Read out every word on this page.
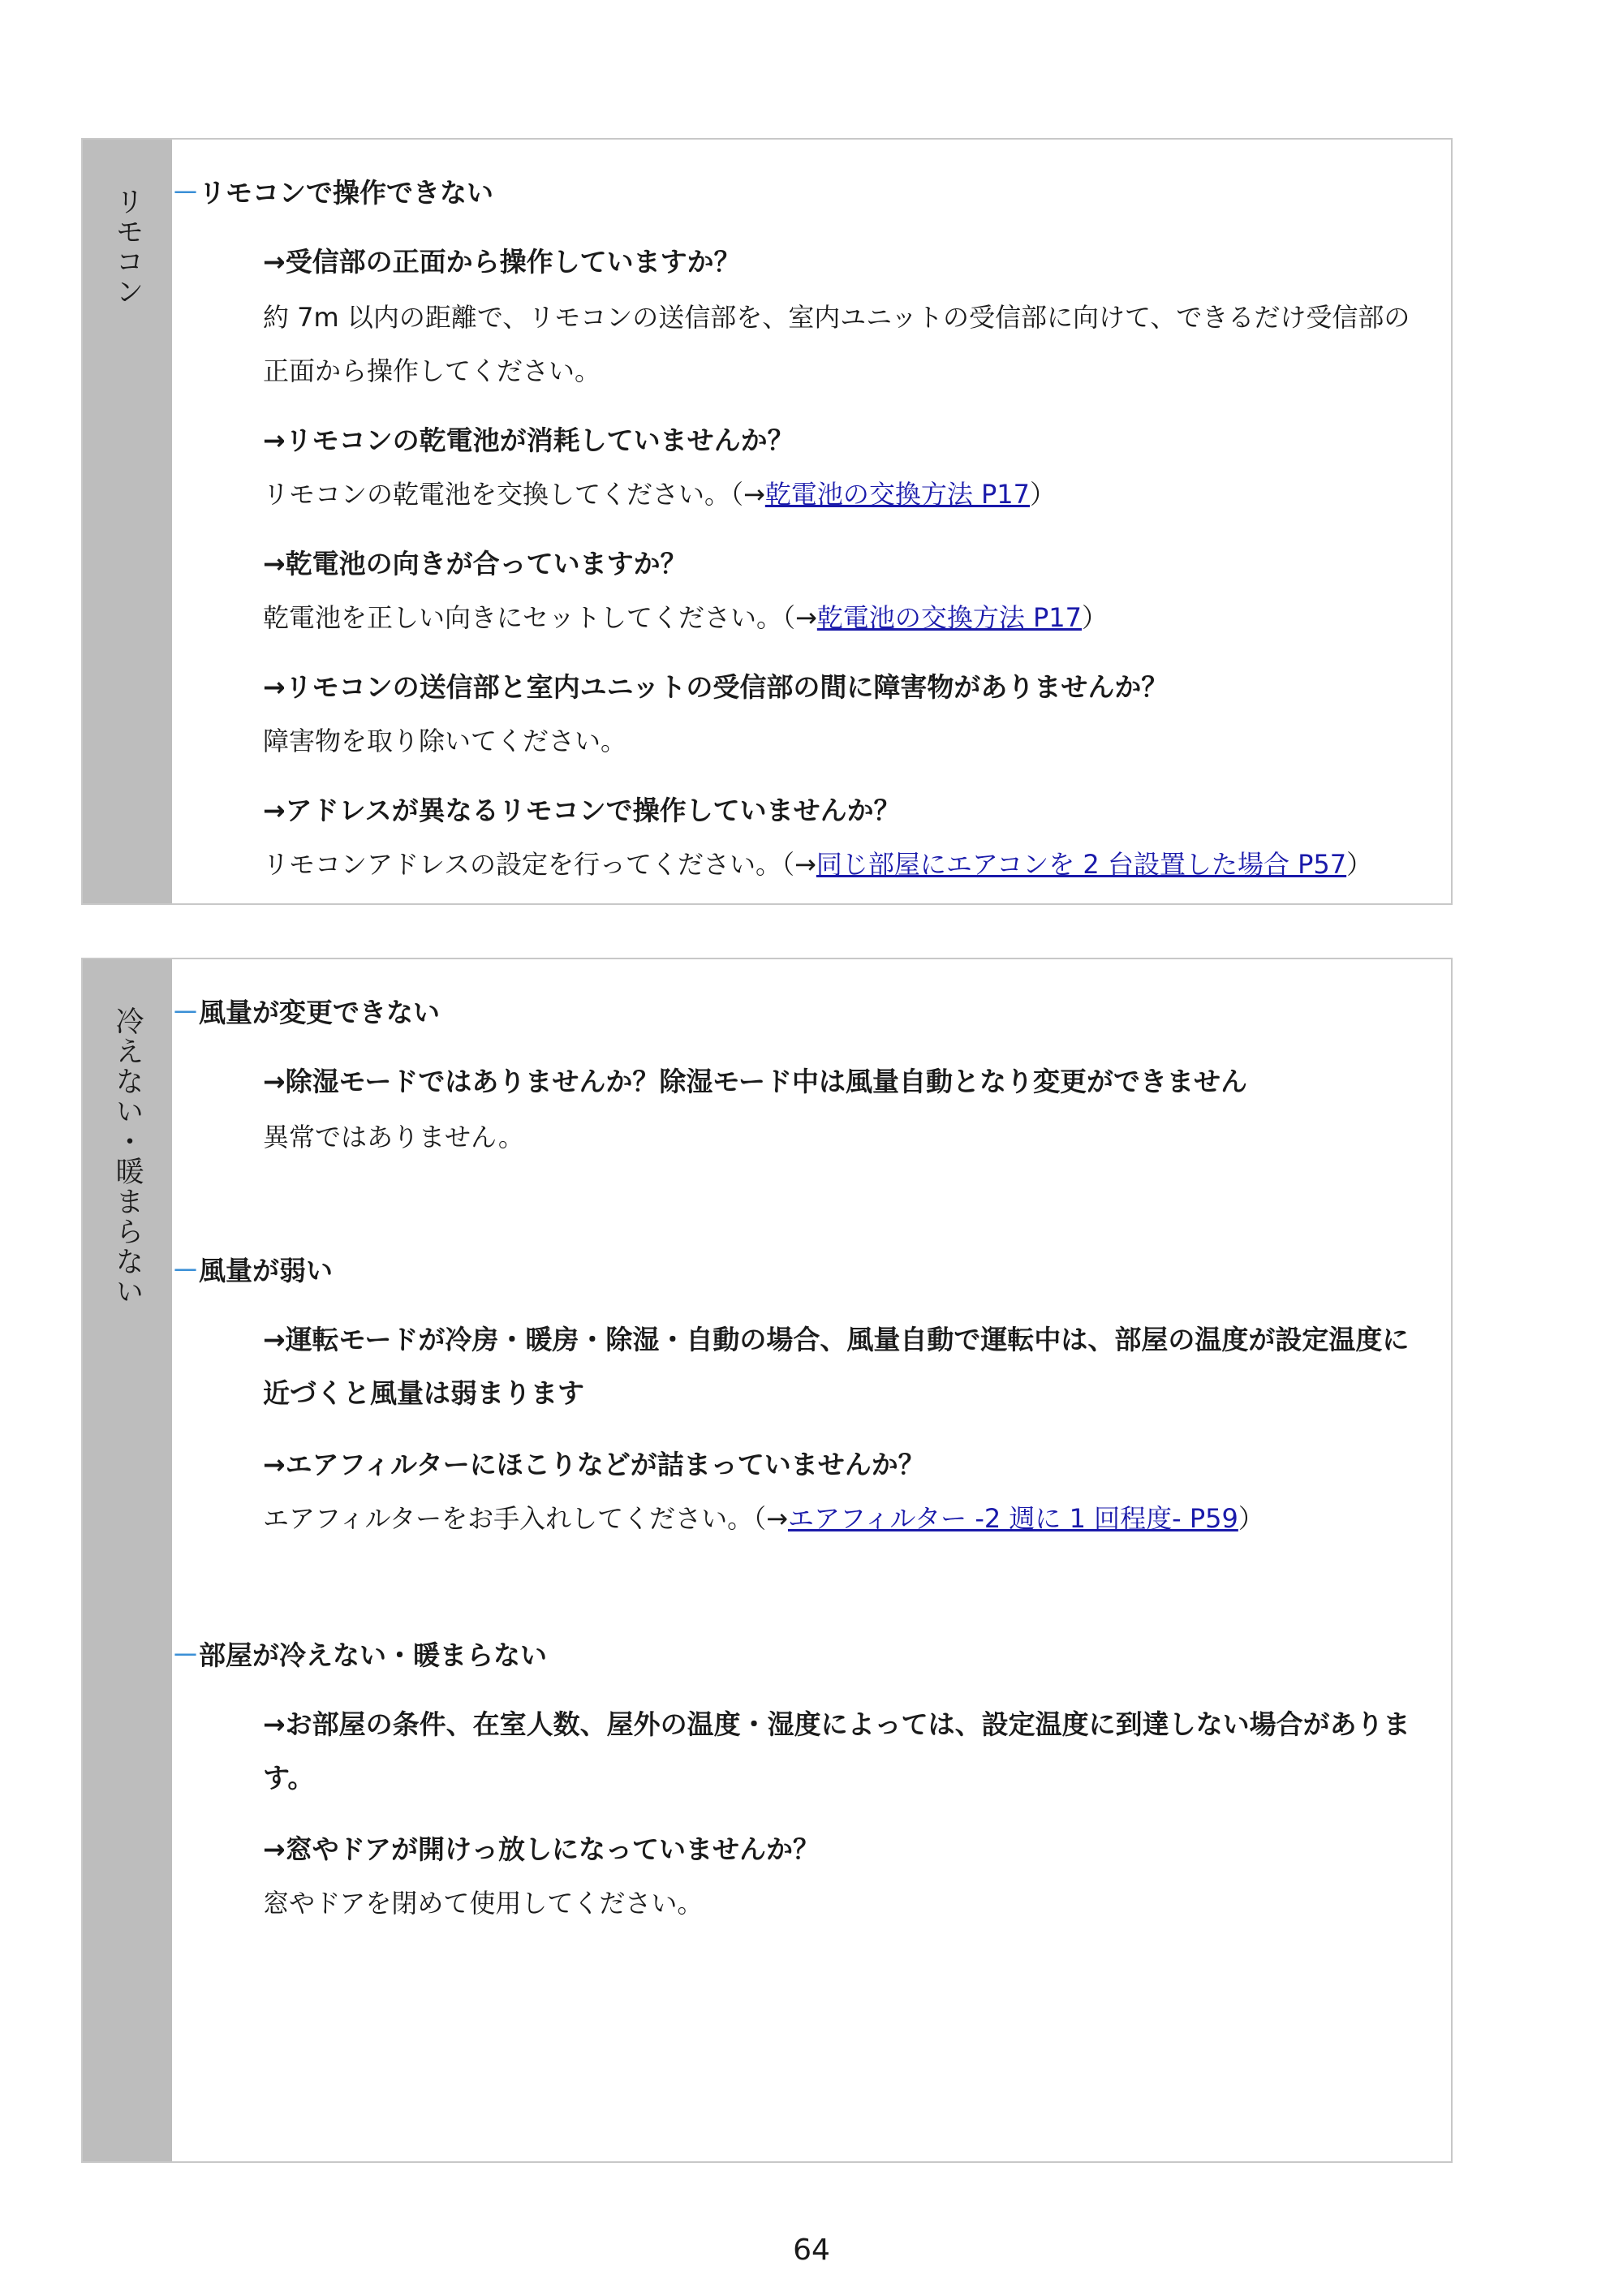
リモコン	－リモコンで操作できない
→受信部の正面から操作していますか？
約 7m 以内の距離で、リモコンの送信部を、室内ユニットの受信部に向けて、できるだけ受信部の正面から操作してください。
→リモコンの乾電池が消耗していませんか？
リモコンの乾電池を交換してください。（→乾電池の交換方法 P17）
→乾電池の向きが合っていますか？
乾電池を正しい向きにセットしてください。（→乾電池の交換方法 P17）
→リモコンの送信部と室内ユニットの受信部の間に障害物がありませんか？
障害物を取り除いてください。
→アドレスが異なるリモコンで操作していませんか？
リモコンアドレスの設定を行ってください。（→同じ部屋にエアコンを 2 台設置した場合 P57）
冷えない・暖まらない	－風量が変更できない
→除湿モードではありませんか？除湿モード中は風量自動となり変更ができません
異常ではありません。
－風量が弱い
→運転モードが冷房・暖房・除湿・自動の場合、風量自動で運転中は、部屋の温度が設定温度に近づくと風量は弱まります
→エアフィルターにほこりなどが詰まっていませんか？
エアフィルターをお手入れしてください。（→エアフィルター -2 週に 1 回程度- P59）
－部屋が冷えない・暖まらない
→お部屋の条件、在室人数、屋外の温度・湿度によっては、設定温度に到達しない場合があります。
→窓やドアが開けっ放しになっていませんか？
窓やドアを閉めて使用してください。
64
